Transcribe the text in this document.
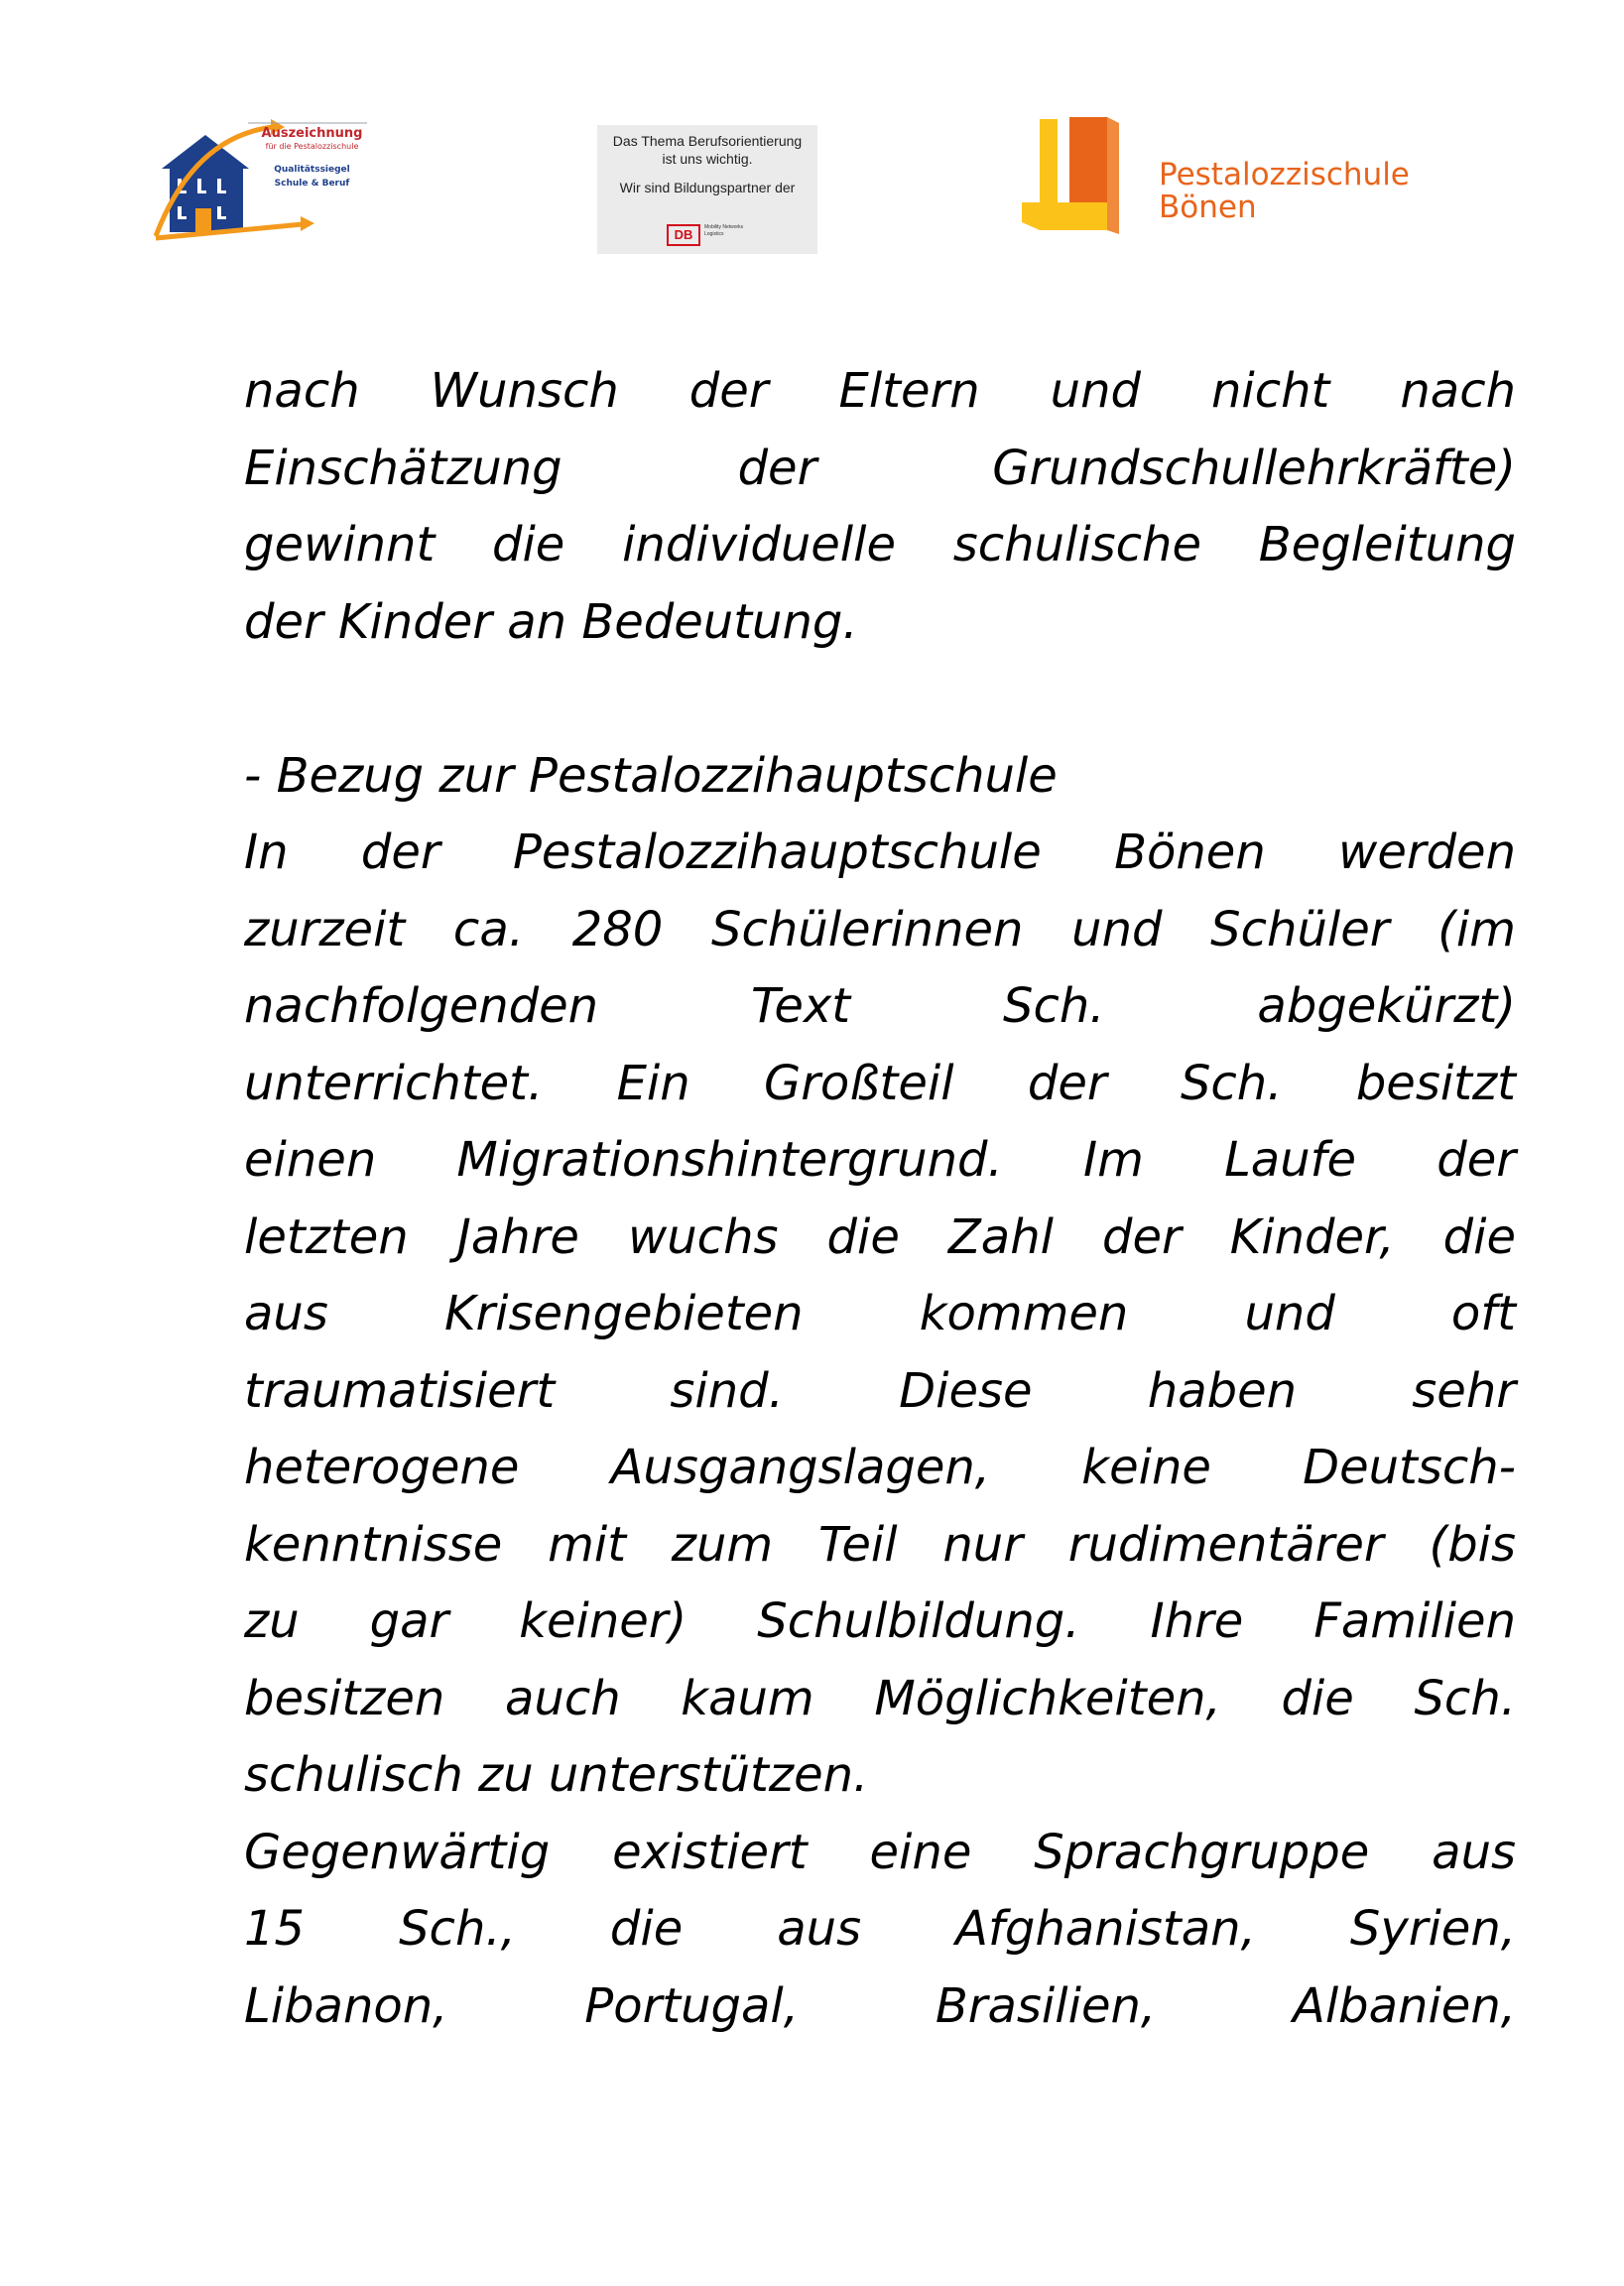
Auszeichnung
für die Pestalozzischule
Qualitätssiegel
Schule & Beruf
Das Thema Berufsorientierung
ist uns wichtig.
Wir sind Bildungspartner der
DB	Mobility Networks Logistics
Pestalozzischule
Bönen

nach Wunsch der Eltern und nicht nach
Einschätzung der Grundschullehrkräfte)
gewinnt die individuelle schulische Begleitung
der Kinder an Bedeutung.

- Bezug zur Pestalozzihauptschule

In der Pestalozzihauptschule Bönen werden
zurzeit ca. 280 Schülerinnen und Schüler (im
nachfolgenden Text Sch. abgekürzt)
unterrichtet. Ein Großteil der Sch. besitzt
einen Migrationshintergrund. Im Laufe der
letzten Jahre wuchs die Zahl der Kinder, die
aus Krisengebieten kommen und oft
traumatisiert sind. Diese haben sehr
heterogene Ausgangslagen, keine Deutsch-
kenntnisse mit zum Teil nur rudimentärer (bis
zu gar keiner) Schulbildung. Ihre Familien
besitzen auch kaum Möglichkeiten, die Sch.
schulisch zu unterstützen.

Gegenwärtig existiert eine Sprachgruppe aus
15 Sch., die aus Afghanistan, Syrien,
Libanon, Portugal, Brasilien, Albanien,
